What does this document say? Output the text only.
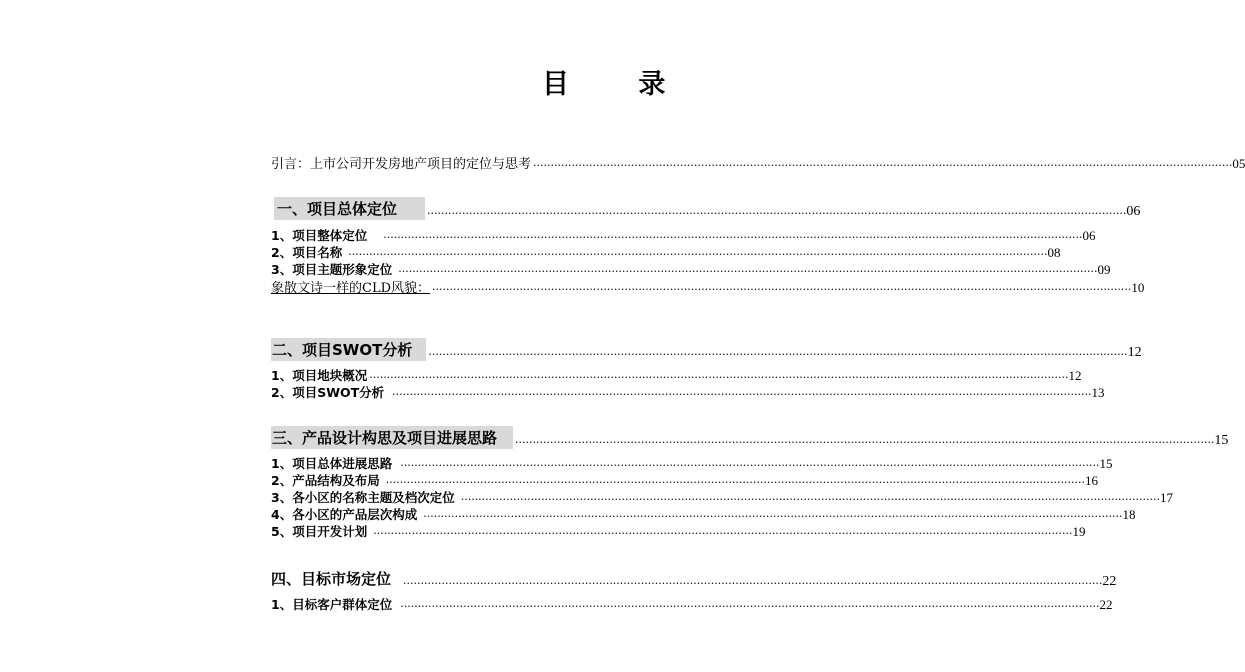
目 录
引言：上市公司开发房地产项目的定位与思考 ········································································································································································································ 05
一、项目总体定位	········································································································································································································ 06
1、项目整体定位	········································································································································································································ 06
2、项目名称 ········································································································································································································ 08
3、项目主题形象定位 ········································································································································································································ 09
象散文诗一样的CLD风貌： ········································································································································································································ 10
二、项目SWOT分析	········································································································································································································ 12
1、项目地块概况 ········································································································································································································ 12
2、项目SWOT分析 ········································································································································································································ 13
三、产品设计构思及项目进展思路	········································································································································································································ 15
1、项目总体进展思路 ········································································································································································································ 15
2、产品结构及布局 ········································································································································································································ 16
3、各小区的名称主题及档次定位 ········································································································································································································ 17
4、各小区的产品层次构成 ········································································································································································································ 18
5、项目开发计划 ········································································································································································································ 19
四、目标市场定位	········································································································································································································ 22
1、目标客户群体定位 ········································································································································································································ 22
